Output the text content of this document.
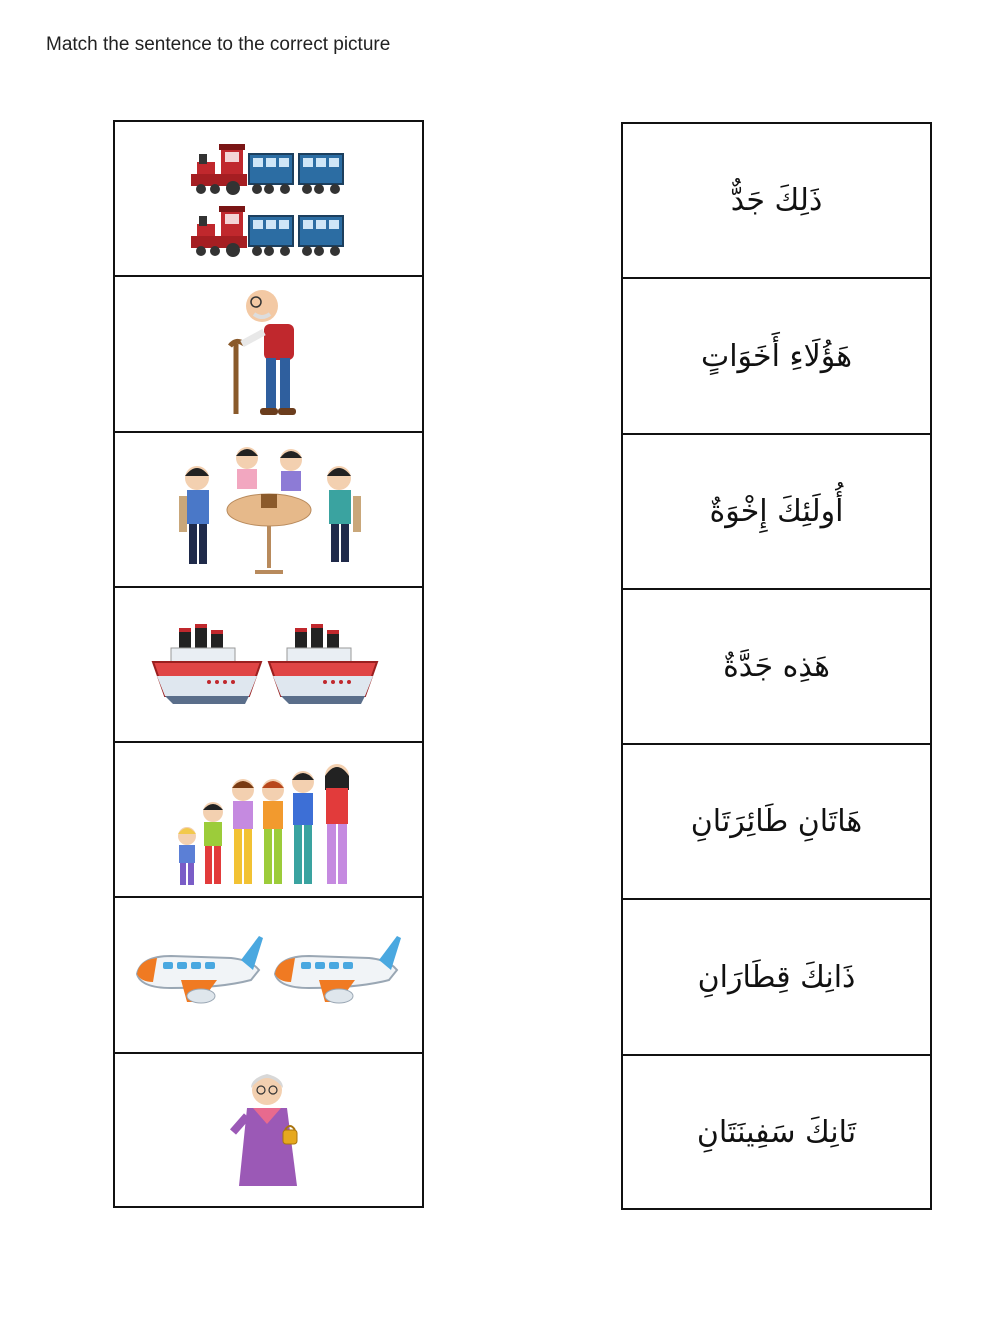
Match the sentence to the correct picture
ذَلِكَ جَدٌّ
هَؤُلَاءِ أَخَوَاتٍ
أُولَئِكَ إِخْوَةٌ
هَذِه جَدَّةٌ
هَاتَانِ طَائِرَتَانِ
ذَانِكَ قِطَارَانِ
تَانِكَ سَفِينَتَانِ
